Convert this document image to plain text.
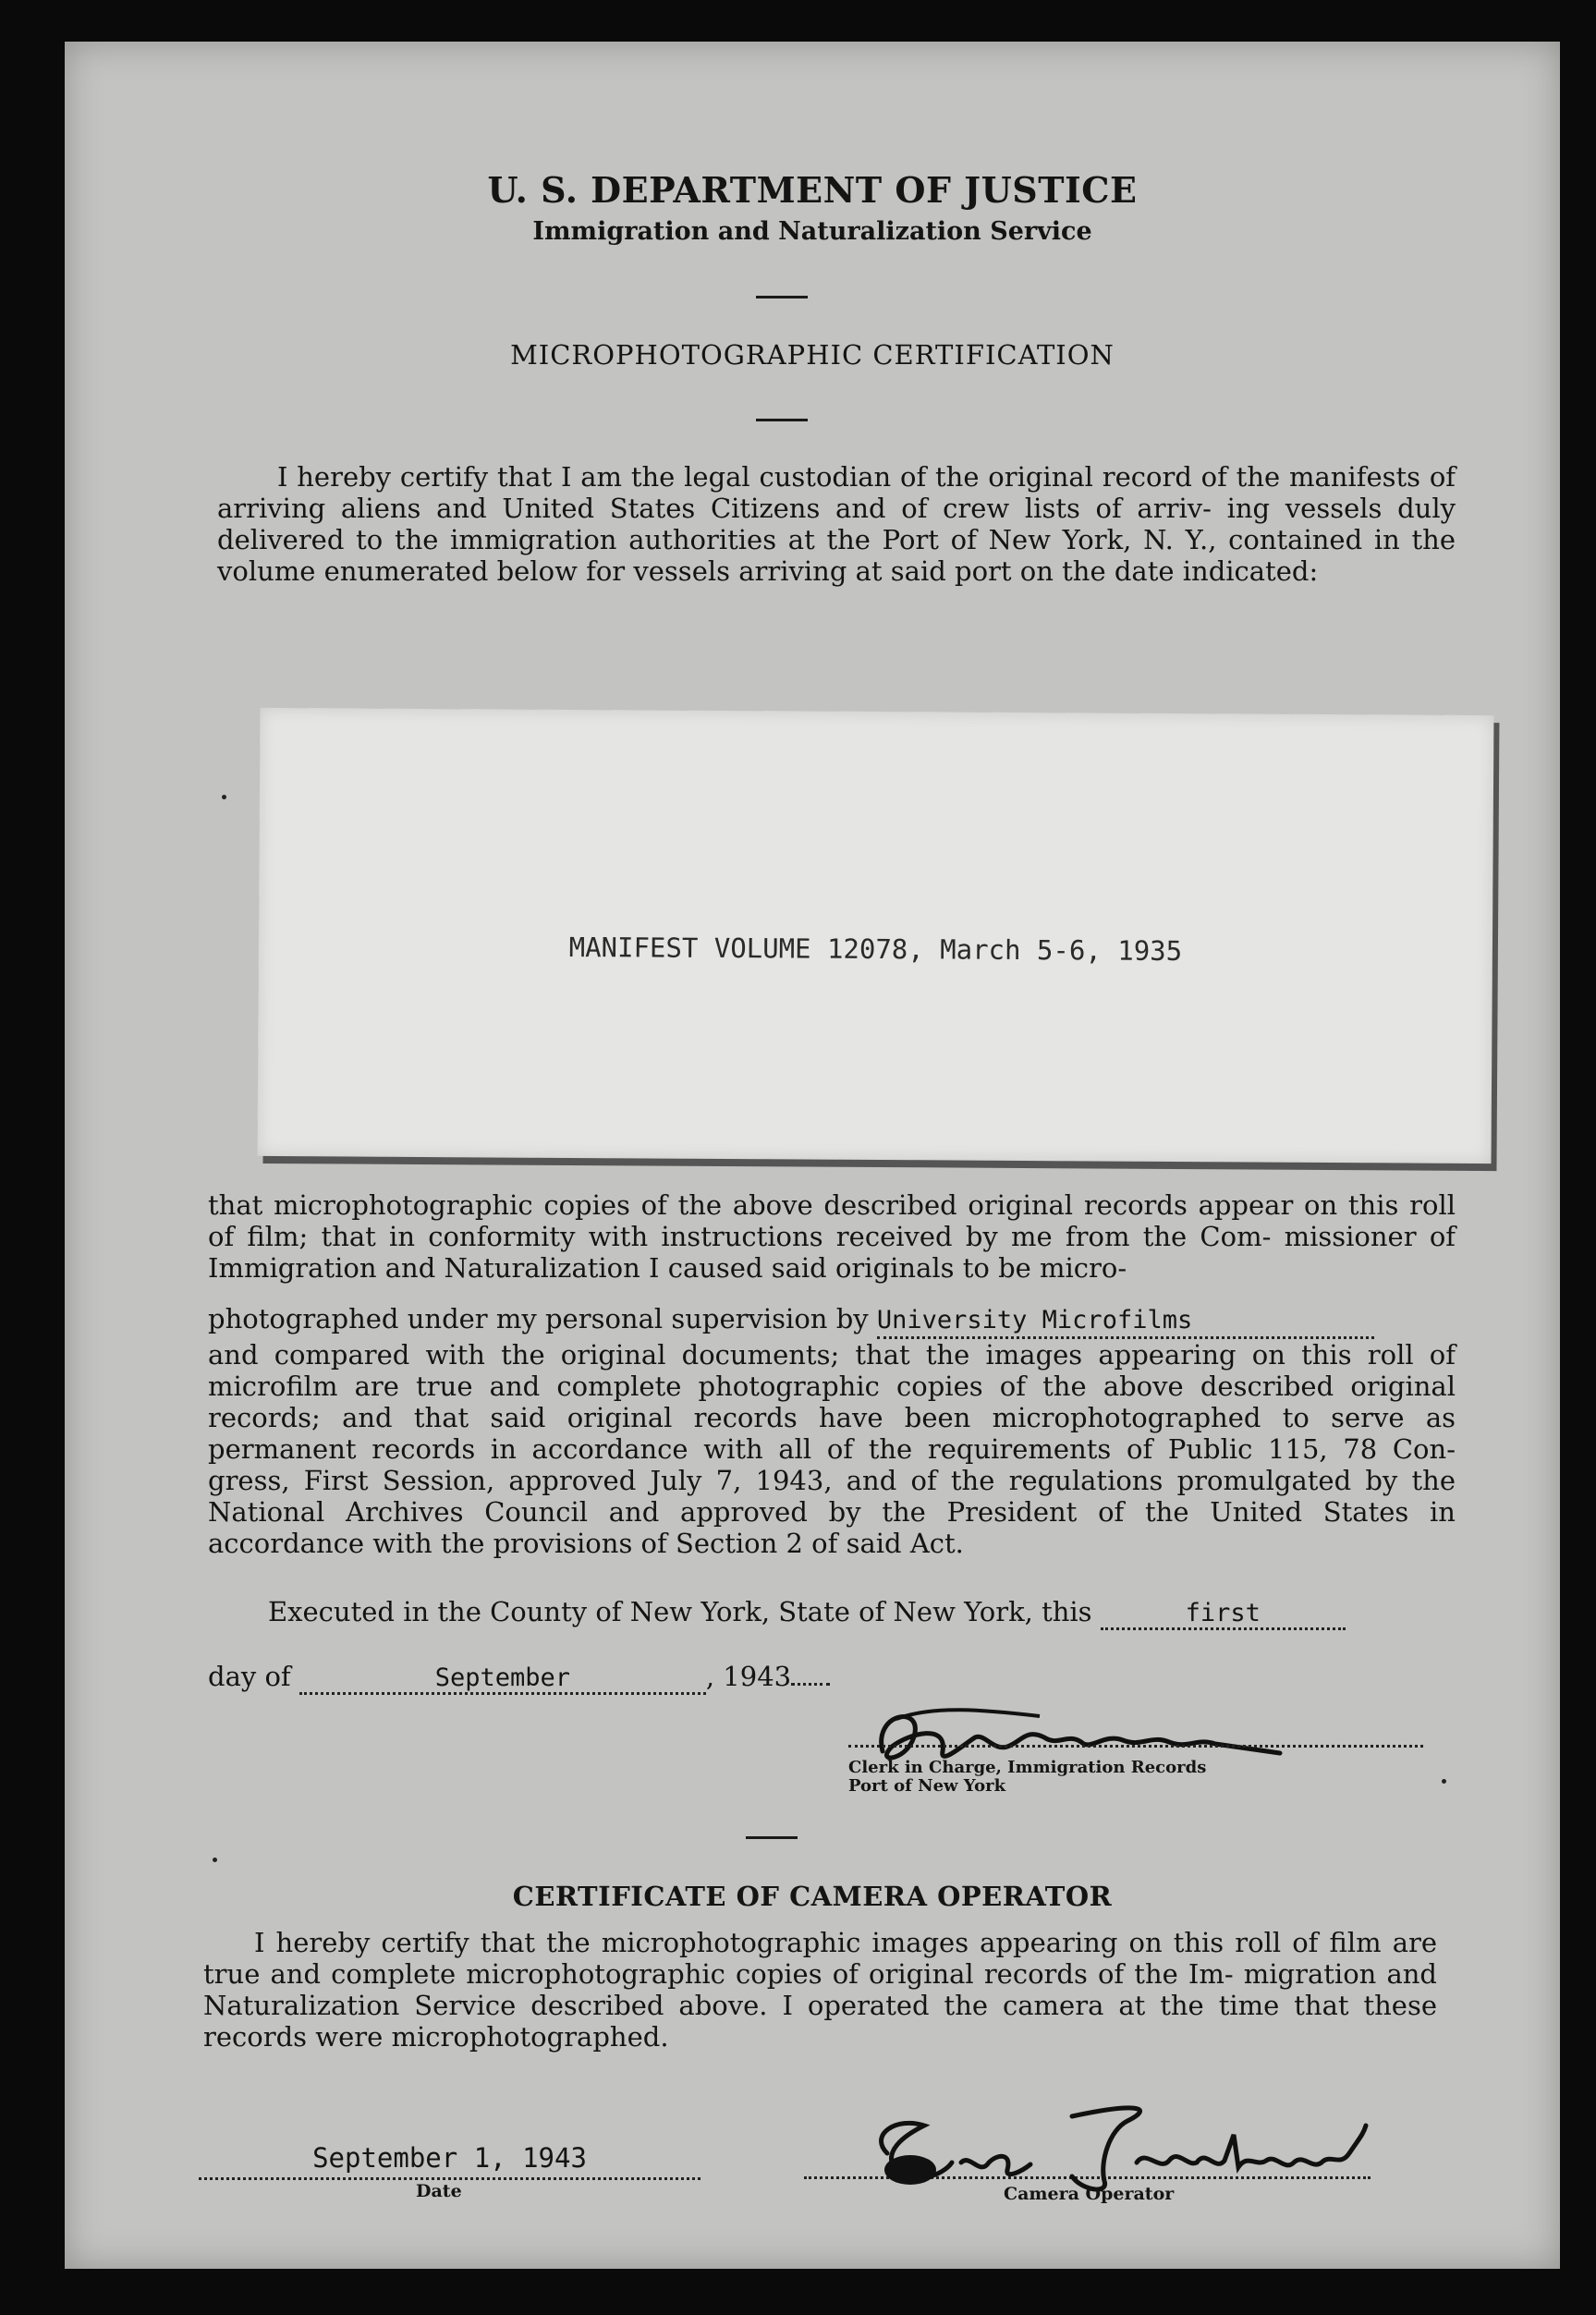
U. S. DEPARTMENT OF JUSTICE
Immigration and Naturalization Service
MICROPHOTOGRAPHIC CERTIFICATION
I hereby certify that I am the legal custodian of the original record of the manifests of arriving aliens and United States Citizens and of crew lists of arriv- ing vessels duly delivered to the immigration authorities at the Port of New York, N. Y., contained in the volume enumerated below for vessels arriving at said port on the date indicated:
MANIFEST VOLUME 12078, March 5-6, 1935
that microphotographic copies of the above described original records appear on this roll of film; that in conformity with instructions received by me from the Com- missioner of Immigration and Naturalization I caused said originals to be micro-
photographed under my personal supervision by University Microfilms
and compared with the original documents; that the images appearing on this roll of microfilm are true and complete photographic copies of the above described original records; and that said original records have been microphotographed to serve as permanent records in accordance with all of the requirements of Public 115, 78 Con- gress, First Session, approved July 7, 1943, and of the regulations promulgated by the National Archives Council and approved by the President of the United States in accordance with the provisions of Section 2 of said Act.
Executed in the County of New York, State of New York, this	first
day of	September	, 1943
Clerk in Charge, Immigration Records
Port of New York
CERTIFICATE OF CAMERA OPERATOR
I hereby certify that the microphotographic images appearing on this roll of film are true and complete microphotographic copies of original records of the Im- migration and Naturalization Service described above. I operated the camera at the time that these records were microphotographed.
September 1, 1943
Date	Camera Operator
